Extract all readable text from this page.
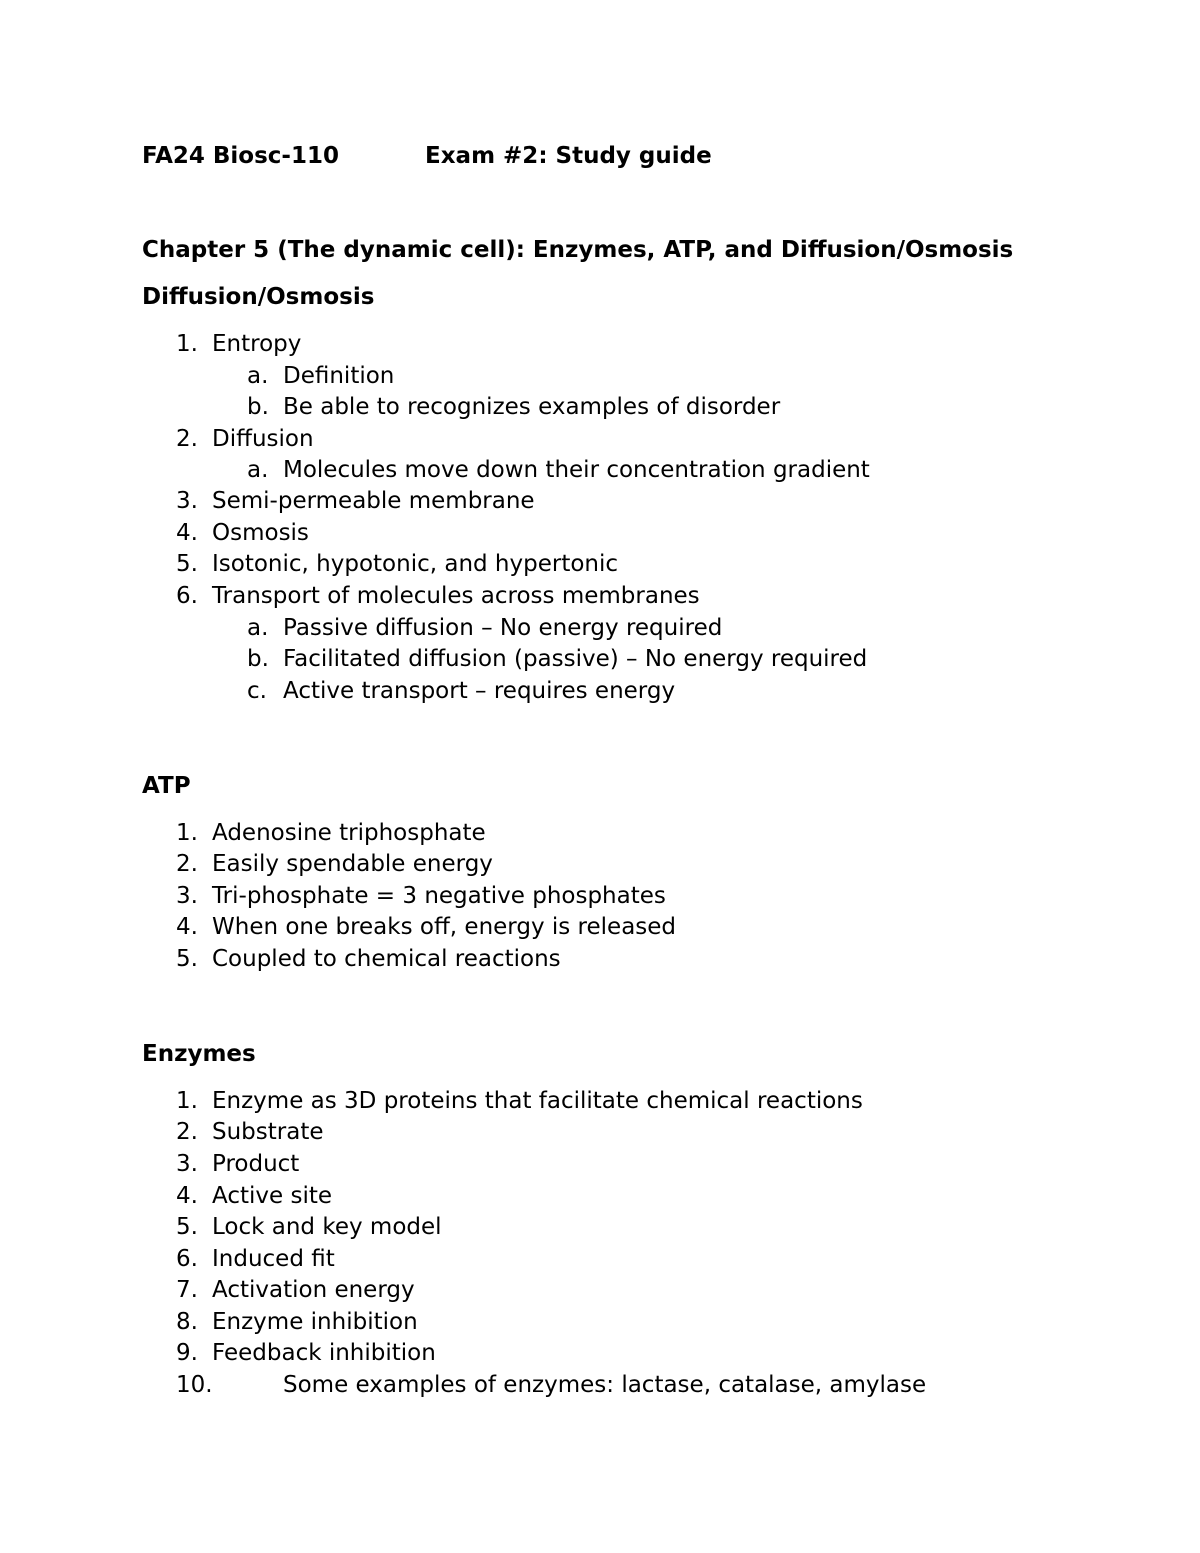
FA24 Biosc-110	Exam #2: Study guide
Chapter 5 (The dynamic cell): Enzymes, ATP, and Diffusion/Osmosis
Diffusion/Osmosis
1. Entropy
a. Definition
b. Be able to recognizes examples of disorder
2. Diffusion
a. Molecules move down their concentration gradient
3. Semi-permeable membrane
4. Osmosis
5. Isotonic, hypotonic, and hypertonic
6. Transport of molecules across membranes
a. Passive diffusion – No energy required
b. Facilitated diffusion (passive) – No energy required
c. Active transport – requires energy
ATP
1. Adenosine triphosphate
2. Easily spendable energy
3. Tri-phosphate = 3 negative phosphates
4. When one breaks off, energy is released
5. Coupled to chemical reactions
Enzymes
1. Enzyme as 3D proteins that facilitate chemical reactions
2. Substrate
3. Product
4. Active site
5. Lock and key model
6. Induced fit
7. Activation energy
8. Enzyme inhibition
9. Feedback inhibition
10.	Some examples of enzymes: lactase, catalase, amylase
